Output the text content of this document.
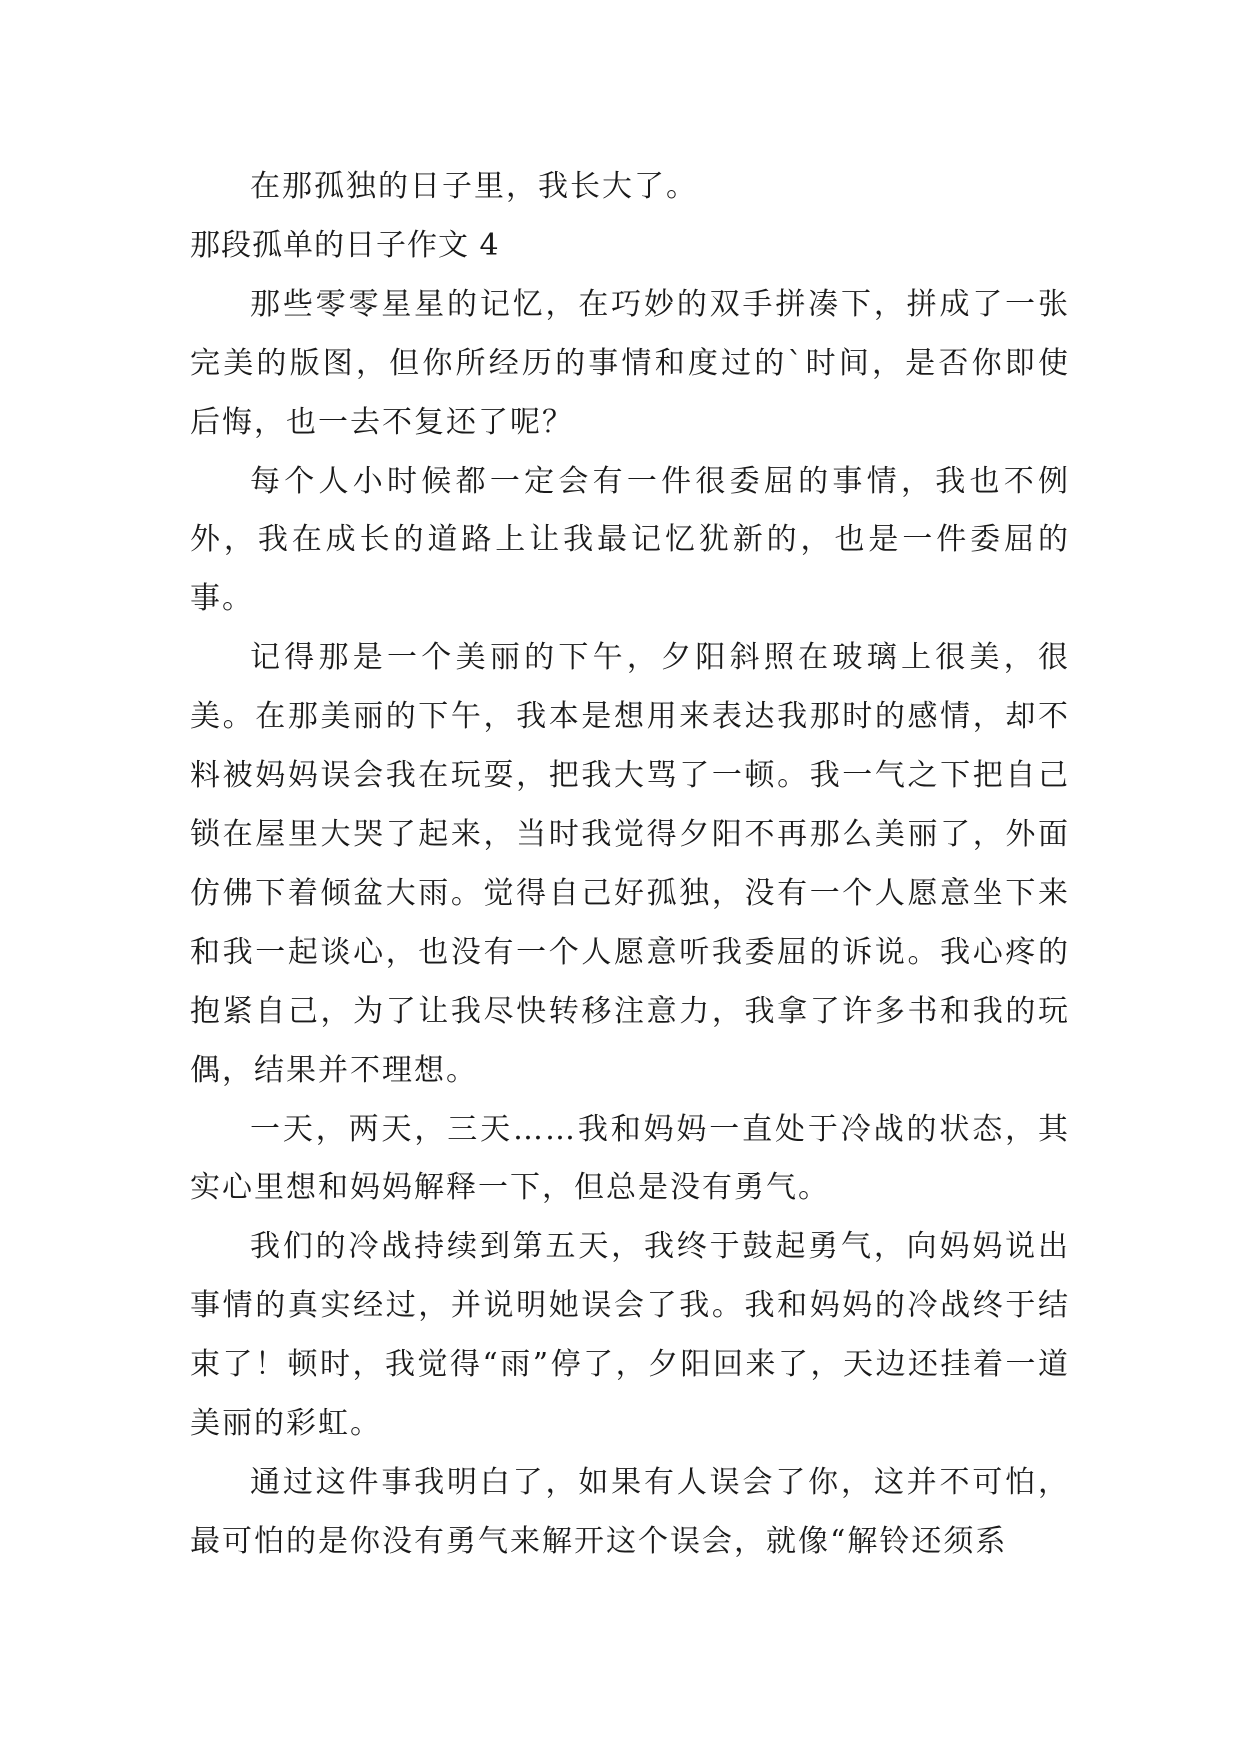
在那孤独的日子里，我长大了。

那段孤单的日子作文 4

那些零零星星的记忆，在巧妙的双手拼凑下，拼成了一张完美的版图，但你所经历的事情和度过的`时间，是否你即使后悔，也一去不复还了呢？

每个人小时候都一定会有一件很委屈的事情，我也不例外，我在成长的道路上让我最记忆犹新的，也是一件委屈的事。

记得那是一个美丽的下午，夕阳斜照在玻璃上很美，很美。在那美丽的下午，我本是想用来表达我那时的感情，却不料被妈妈误会我在玩耍，把我大骂了一顿。我一气之下把自己锁在屋里大哭了起来，当时我觉得夕阳不再那么美丽了，外面仿佛下着倾盆大雨。觉得自己好孤独，没有一个人愿意坐下来和我一起谈心，也没有一个人愿意听我委屈的诉说。我心疼的抱紧自己，为了让我尽快转移注意力，我拿了许多书和我的玩偶，结果并不理想。

一天，两天，三天……我和妈妈一直处于冷战的状态，其实心里想和妈妈解释一下，但总是没有勇气。

我们的冷战持续到第五天，我终于鼓起勇气，向妈妈说出事情的真实经过，并说明她误会了我。我和妈妈的冷战终于结束了！顿时，我觉得“雨”停了，夕阳回来了，天边还挂着一道美丽的彩虹。

通过这件事我明白了，如果有人误会了你，这并不可怕，最可怕的是你没有勇气来解开这个误会，就像“解铃还须系
